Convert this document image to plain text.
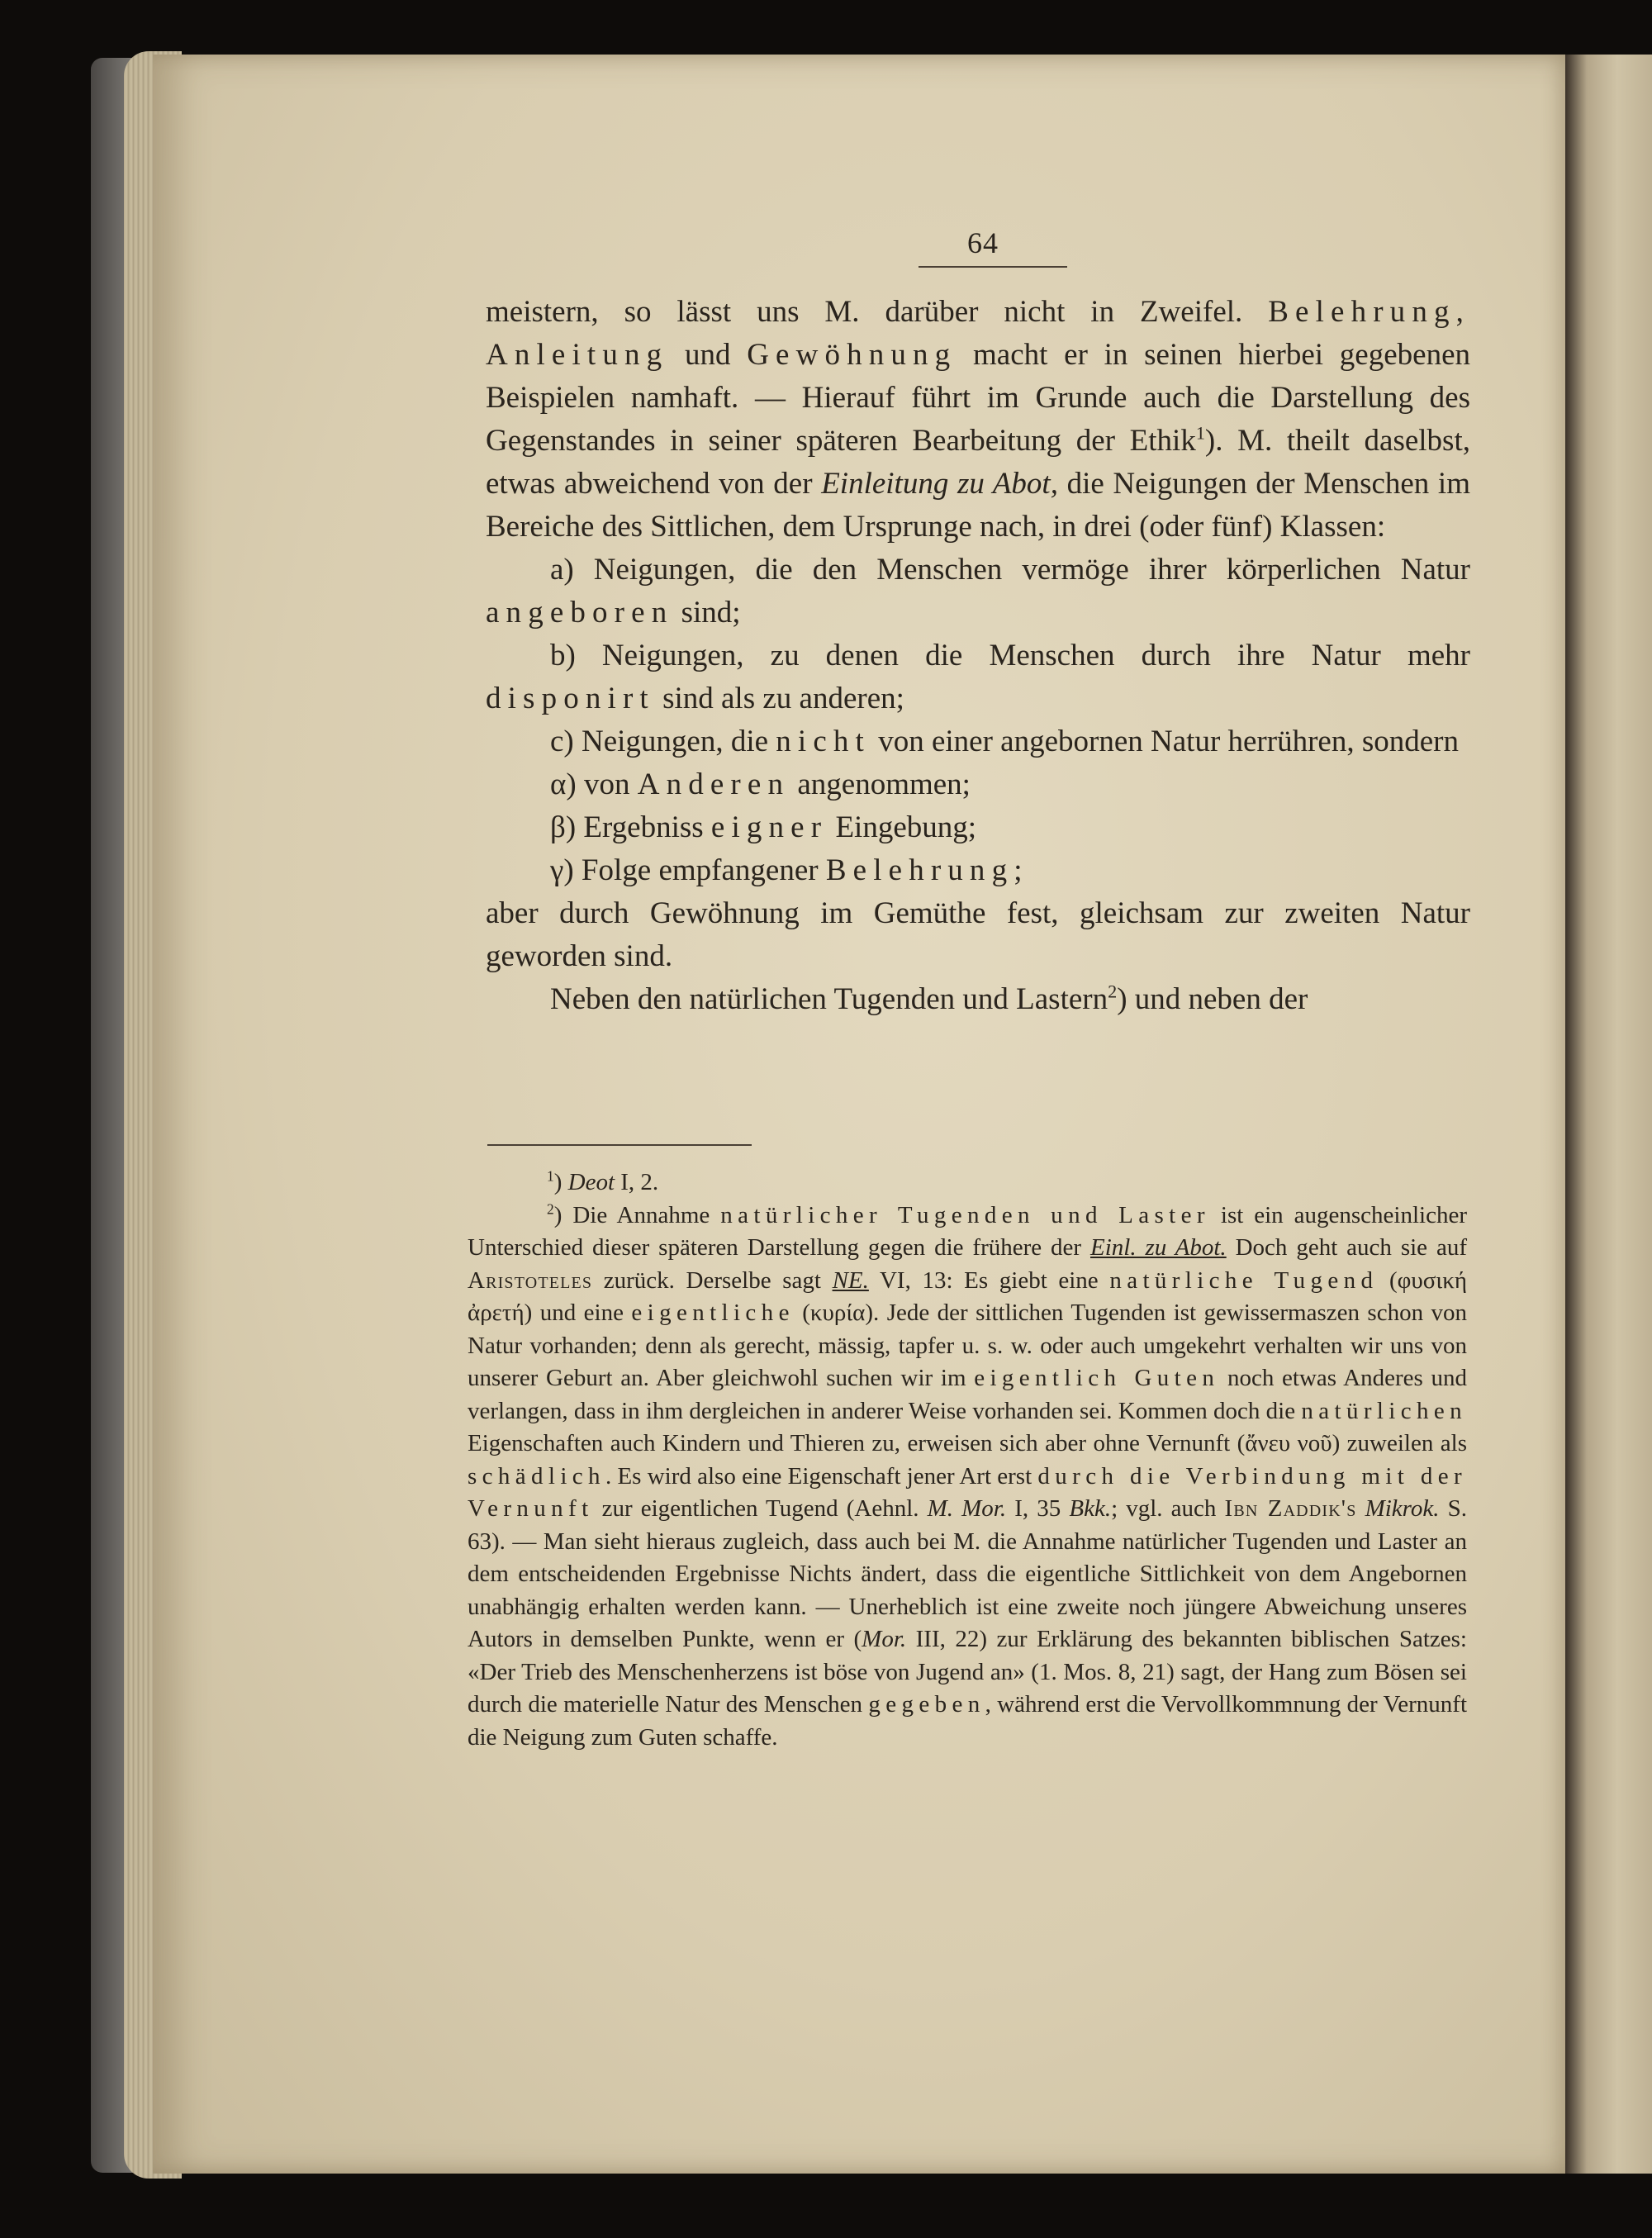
64

meistern, so lässt uns M. darüber nicht in Zweifel. Belehrung, Anleitung und Gewöhnung macht er in seinen hierbei gegebenen Beispielen namhaft. — Hierauf führt im Grunde auch die Darstellung des Gegenstandes in seiner späteren Bearbeitung der Ethik$^1$). M. theilt daselbst, etwas abweichend von der Einleitung zu Abot, die Neigungen der Menschen im Bereiche des Sittlichen, dem Ursprunge nach, in drei (oder fünf) Klassen:

a) Neigungen, die den Menschen vermöge ihrer körperlichen Natur angeboren sind;

b) Neigungen, zu denen die Menschen durch ihre Natur mehr disponirt sind als zu anderen;

c) Neigungen, die nicht von einer angebornen Natur herrühren, sondern

α) von Anderen angenommen;

β) Ergebniss eigner Eingebung;

γ) Folge empfangener Belehrung;

aber durch Gewöhnung im Gemüthe fest, gleichsam zur zweiten Natur geworden sind.

Neben den natürlichen Tugenden und Lastern$^2$) und neben der

$^1$) Deot I, 2.

$^2$) Die Annahme natürlicher Tugenden und Laster ist ein augenscheinlicher Unterschied dieser späteren Darstellung gegen die frühere der Einl. zu Abot. Doch geht auch sie auf Aristoteles zurück. Derselbe sagt NE. VI, 13: Es giebt eine natürliche Tugend (φυσική ἀρετή) und eine eigentliche (κυρία). Jede der sittlichen Tugenden ist gewissermaszen schon von Natur vorhanden; denn als gerecht, mässig, tapfer u. s. w. oder auch umgekehrt verhalten wir uns von unserer Geburt an. Aber gleichwohl suchen wir im eigentlich Guten noch etwas Anderes und verlangen, dass in ihm dergleichen in anderer Weise vorhanden sei. Kommen doch die natürlichen Eigenschaften auch Kindern und Thieren zu, erweisen sich aber ohne Vernunft (ἄνευ νοῦ) zuweilen als schädlich. Es wird also eine Eigenschaft jener Art erst durch die Verbindung mit der Vernunft zur eigentlichen Tugend (Aehnl. M. Mor. I, 35 Bkk.; vgl. auch Ibn Zaddik's Mikrok. S. 63). — Man sieht hieraus zugleich, dass auch bei M. die Annahme natürlicher Tugenden und Laster an dem entscheidenden Ergebnisse Nichts ändert, dass die eigentliche Sittlichkeit von dem Angebornen unabhängig erhalten werden kann. — Unerheblich ist eine zweite noch jüngere Abweichung unseres Autors in demselben Punkte, wenn er (Mor. III, 22) zur Erklärung des bekannten biblischen Satzes: «Der Trieb des Menschenherzens ist böse von Jugend an» (1. Mos. 8, 21) sagt, der Hang zum Bösen sei durch die materielle Natur des Menschen gegeben, während erst die Vervollkommnung der Vernunft die Neigung zum Guten schaffe.
